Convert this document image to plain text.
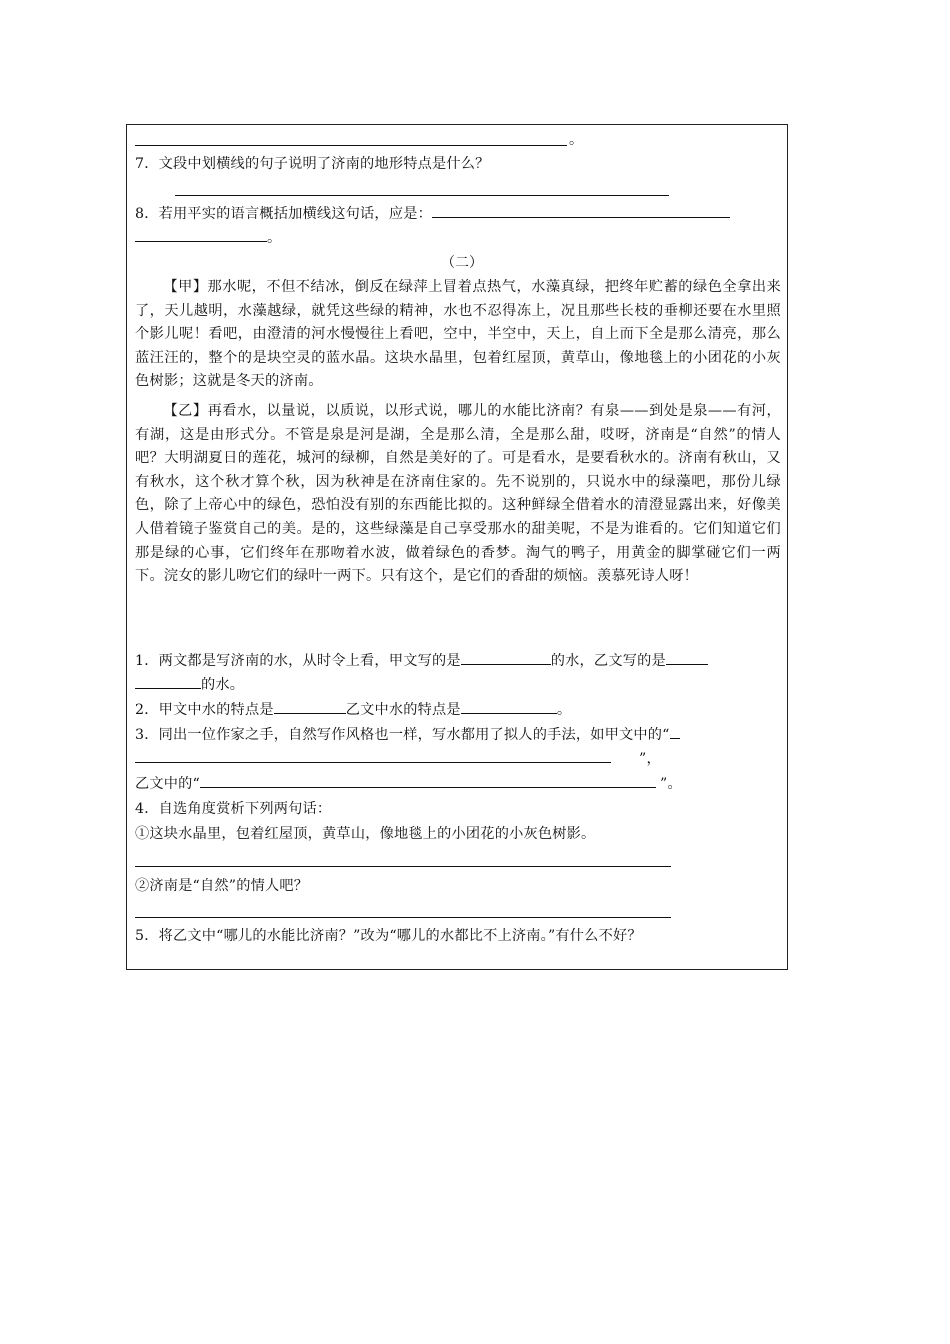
。
7．文段中划横线的句子说明了济南的地形特点是什么？
8．若用平实的语言概括加横线这句话，应是：
。
（二）

【甲】那水呢，不但不结冰，倒反在绿萍上冒着点热气，水藻真绿，把终年贮蓄的绿色全拿出来了，天儿越明，水藻越绿，就凭这些绿的精神，水也不忍得冻上，况且那些长枝的垂柳还要在水里照个影儿呢！看吧，由澄清的河水慢慢往上看吧，空中，半空中，天上，自上而下全是那么清亮，那么蓝汪汪的，整个的是块空灵的蓝水晶。这块水晶里，包着红屋顶，黄草山，像地毯上的小团花的小灰色树影；这就是冬天的济南。

【乙】再看水，以量说，以质说，以形式说，哪儿的水能比济南？有泉——到处是泉——有河，有湖，这是由形式分。不管是泉是河是湖，全是那么清，全是那么甜，哎呀，济南是“自然”的情人吧？大明湖夏日的莲花，城河的绿柳，自然是美好的了。可是看水，是要看秋水的。济南有秋山，又有秋水，这个秋才算个秋，因为秋神是在济南住家的。先不说别的，只说水中的绿藻吧，那份儿绿色，除了上帝心中的绿色，恐怕没有别的东西能比拟的。这种鲜绿全借着水的清澄显露出来，好像美人借着镜子鉴赏自己的美。是的，这些绿藻是自己享受那水的甜美呢，不是为谁看的。它们知道它们那是绿的心事，它们终年在那吻着水波，做着绿色的香梦。淘气的鸭子，用黄金的脚掌碰它们一两下。浣女的影儿吻它们的绿叶一两下。只有这个，是它们的香甜的烦恼。羡慕死诗人呀！

1．两文都是写济南的水，从时令上看，甲文写的是	的水，乙文写的是
的水。
2．甲文中水的特点是	乙文中水的特点是	。
3．同出一位作家之手，自然写作风格也一样，写水都用了拟人的手法，如甲文中的“
”，
乙文中的“	”。
4．自选角度赏析下列两句话：
①这块水晶里，包着红屋顶，黄草山，像地毯上的小团花的小灰色树影。
②济南是“自然”的情人吧？
5．将乙文中“哪儿的水能比济南？”改为“哪儿的水都比不上济南。”有什么不好？
